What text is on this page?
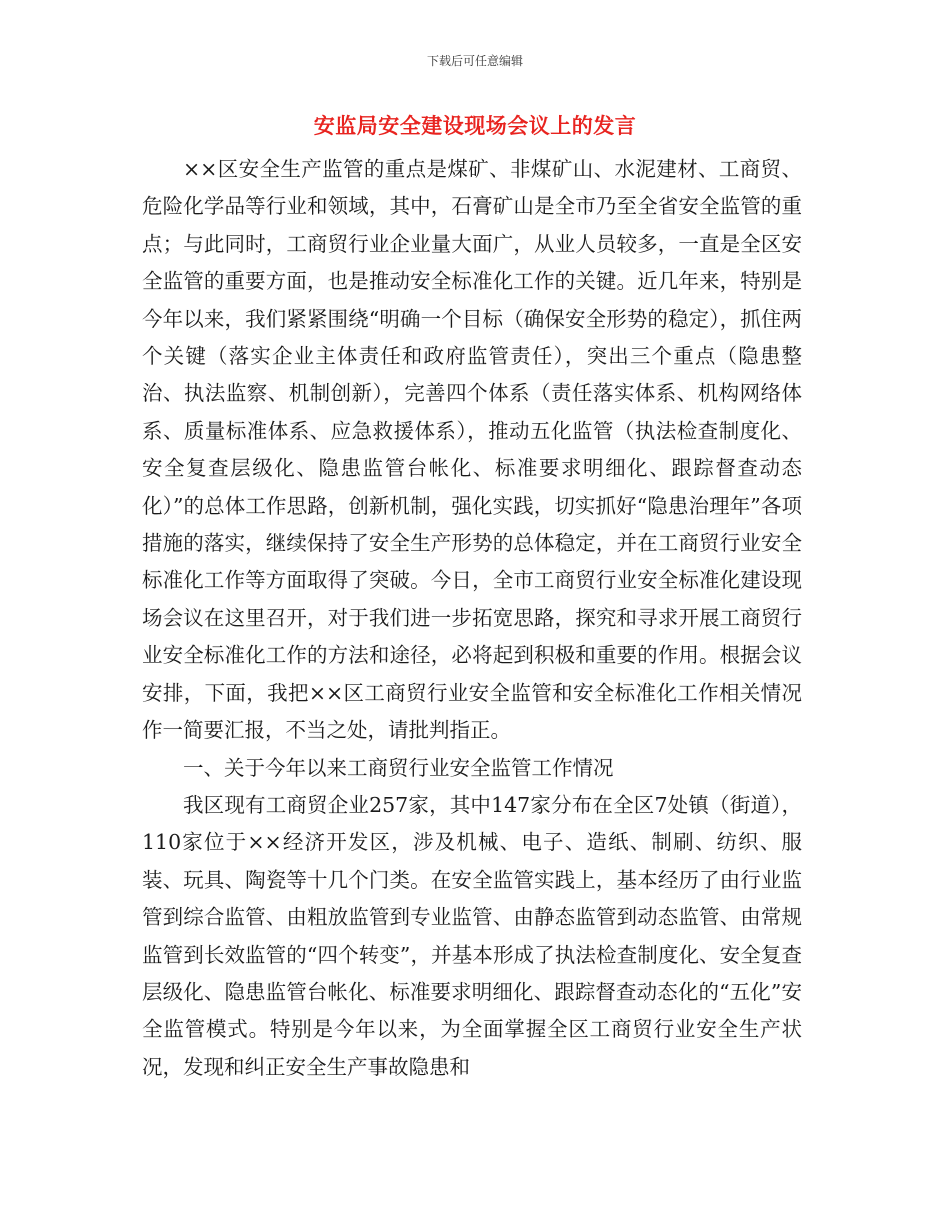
下载后可任意编辑
安监局安全建设现场会议上的发言

××区安全生产监管的重点是煤矿、非煤矿山、水泥建材、工商贸、危险化学品等行业和领域，其中，石膏矿山是全市乃至全省安全监管的重点；与此同时，工商贸行业企业量大面广，从业人员较多，一直是全区安全监管的重要方面，也是推动安全标准化工作的关键。近几年来，特别是今年以来，我们紧紧围绕“明确一个目标（确保安全形势的稳定），抓住两个关键（落实企业主体责任和政府监管责任），突出三个重点（隐患整治、执法监察、机制创新），完善四个体系（责任落实体系、机构网络体系、质量标准体系、应急救援体系），推动五化监管（执法检查制度化、安全复查层级化、隐患监管台帐化、标准要求明细化、跟踪督查动态化）”的总体工作思路，创新机制，强化实践，切实抓好“隐患治理年”各项措施的落实，继续保持了安全生产形势的总体稳定，并在工商贸行业安全标准化工作等方面取得了突破。今日，全市工商贸行业安全标准化建设现场会议在这里召开，对于我们进一步拓宽思路，探究和寻求开展工商贸行业安全标准化工作的方法和途径，必将起到积极和重要的作用。根据会议安排，下面，我把××区工商贸行业安全监管和安全标准化工作相关情况作一简要汇报，不当之处，请批判指正。

一、关于今年以来工商贸行业安全监管工作情况

我区现有工商贸企业257家，其中147家分布在全区7处镇（街道），110家位于××经济开发区，涉及机械、电子、造纸、制刷、纺织、服装、玩具、陶瓷等十几个门类。在安全监管实践上，基本经历了由行业监管到综合监管、由粗放监管到专业监管、由静态监管到动态监管、由常规监管到长效监管的“四个转变”，并基本形成了执法检查制度化、安全复查层级化、隐患监管台帐化、标准要求明细化、跟踪督查动态化的“五化”安全监管模式。特别是今年以来，为全面掌握全区工商贸行业安全生产状况，发现和纠正安全生产事故隐患和
